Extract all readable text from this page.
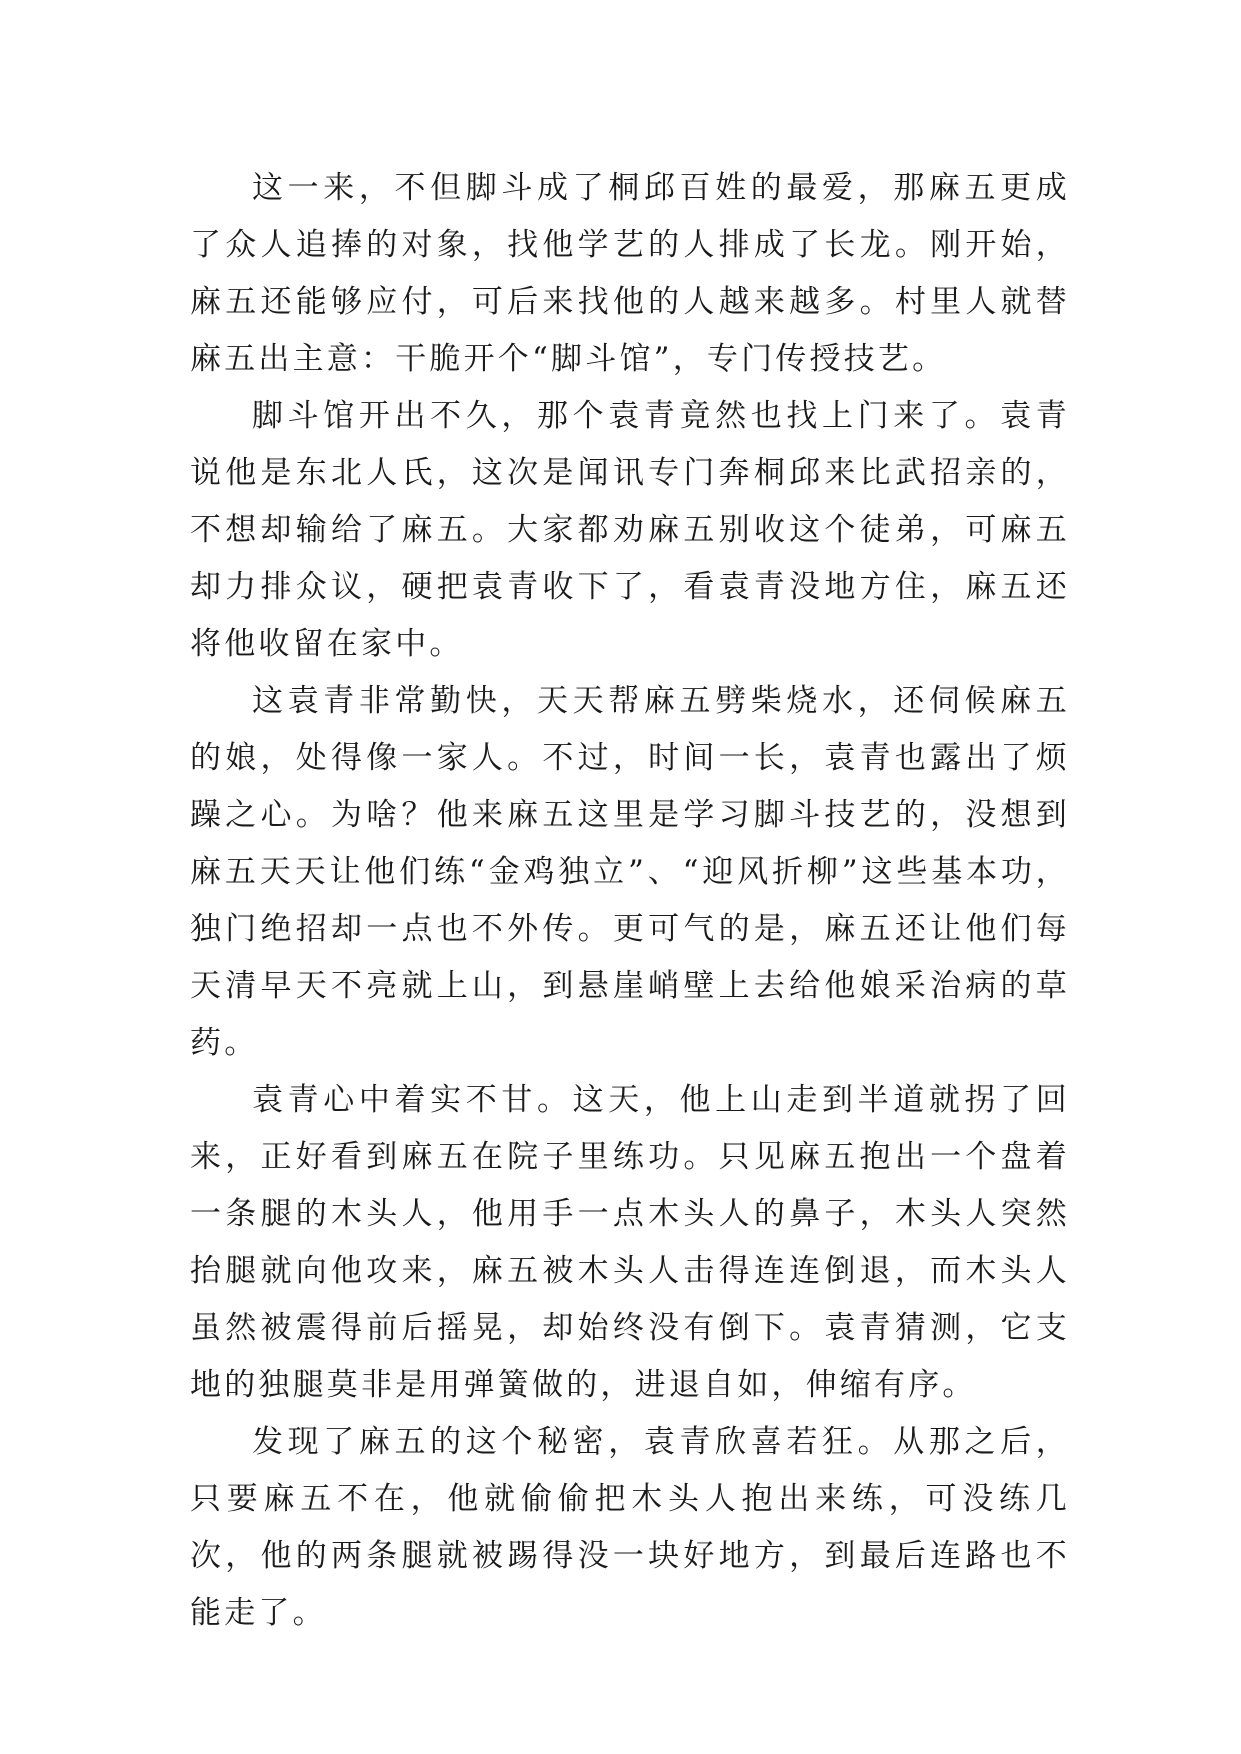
这一来，不但脚斗成了桐邱百姓的最爱，那麻五更成了众人追捧的对象，找他学艺的人排成了长龙。刚开始，麻五还能够应付，可后来找他的人越来越多。村里人就替麻五出主意：干脆开个“脚斗馆”，专门传授技艺。

脚斗馆开出不久，那个袁青竟然也找上门来了。袁青说他是东北人氏，这次是闻讯专门奔桐邱来比武招亲的，不想却输给了麻五。大家都劝麻五别收这个徒弟，可麻五却力排众议，硬把袁青收下了，看袁青没地方住，麻五还将他收留在家中。

这袁青非常勤快，天天帮麻五劈柴烧水，还伺候麻五的娘，处得像一家人。不过，时间一长，袁青也露出了烦躁之心。为啥？他来麻五这里是学习脚斗技艺的，没想到麻五天天让他们练“金鸡独立”、“迎风折柳”这些基本功，独门绝招却一点也不外传。更可气的是，麻五还让他们每天清早天不亮就上山，到悬崖峭壁上去给他娘采治病的草药。

袁青心中着实不甘。这天，他上山走到半道就拐了回来，正好看到麻五在院子里练功。只见麻五抱出一个盘着一条腿的木头人，他用手一点木头人的鼻子，木头人突然抬腿就向他攻来，麻五被木头人击得连连倒退，而木头人虽然被震得前后摇晃，却始终没有倒下。袁青猜测，它支地的独腿莫非是用弹簧做的，进退自如，伸缩有序。

发现了麻五的这个秘密，袁青欣喜若狂。从那之后，只要麻五不在，他就偷偷把木头人抱出来练，可没练几次，他的两条腿就被踢得没一块好地方，到最后连路也不能走了。
